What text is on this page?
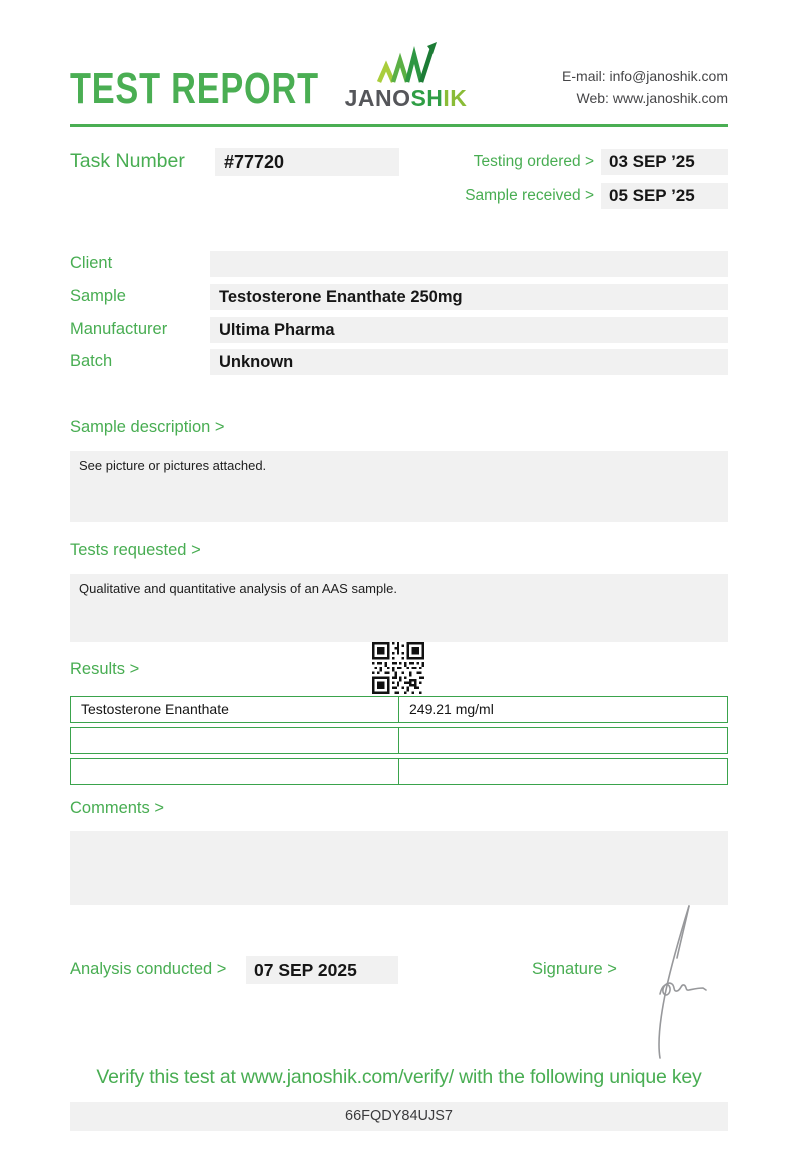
TEST REPORT JANOSHIK
E-mail: info@janoshik.com
Web: www.janoshik.com
Task Number	#77720	Testing ordered > 03 SEP ’25
Sample received > 05 SEP ’25
Client
Sample	Testosterone Enanthate 250mg
Manufacturer	Ultima Pharma
Batch	Unknown
Sample description >
See picture or pictures attached.
Tests requested >
Qualitative and quantitative analysis of an AAS sample.
Results >
Testosterone Enanthate	249.21 mg/ml
Comments >
Analysis conducted >	07 SEP 2025	Signature >
Verify this test at www.janoshik.com/verify/ with the following unique key
66FQDY84UJS7
